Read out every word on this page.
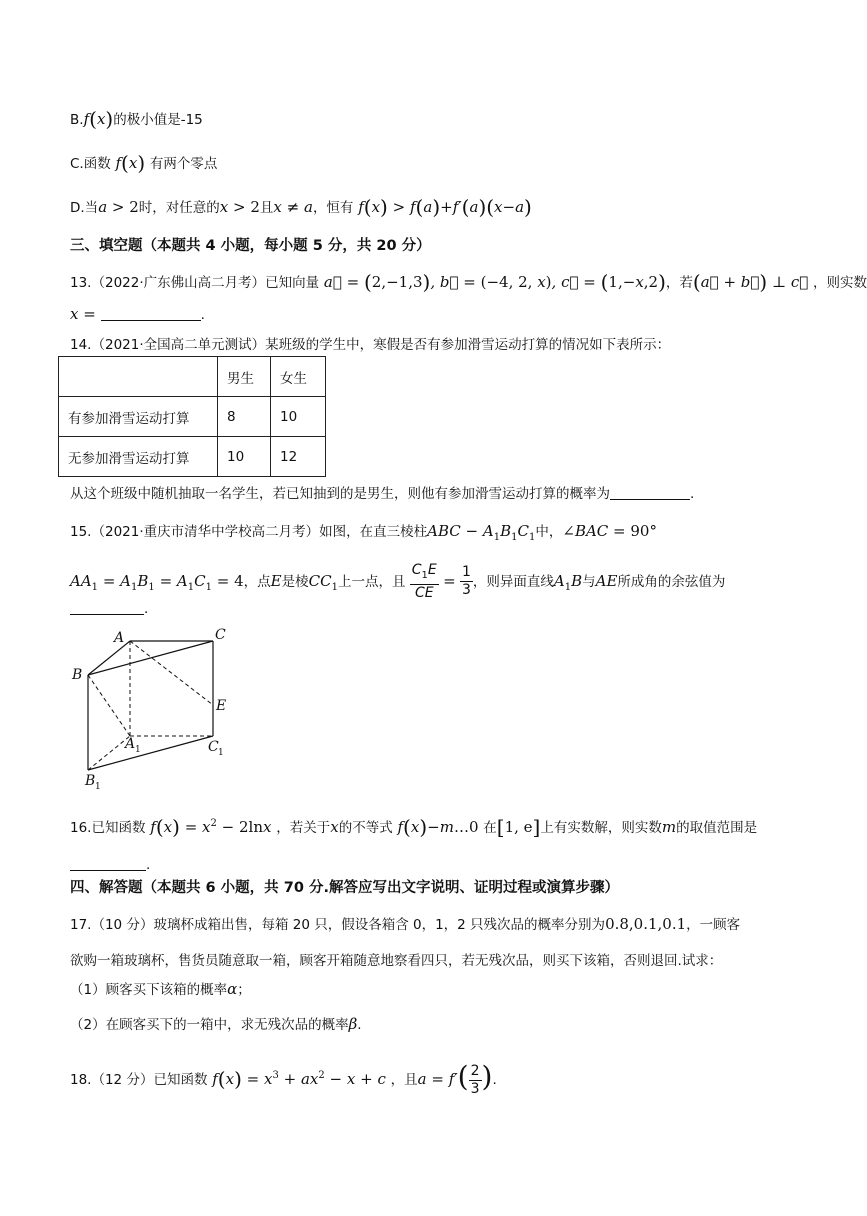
B.f(x)的极小值是-15
C.函数 f(x) 有两个零点
D.当a > 2时，对任意的x > 2且x ≠ a，恒有 f(x) > f(a)+f′(a)(x−a)
三、填空题（本题共 4 小题，每小题 5 分，共 20 分）
13.（2022·广东佛山高二月考）已知向量 a⃗ = (2,−1,3), b⃗ = (−4, 2, x), c⃗ = (1,−x,2)，若(a⃗ + b⃗) ⊥ c⃗ ，则实数
x =	.
14.（2021·全国高二单元测试）某班级的学生中，寒假是否有参加滑雪运动打算的情况如下表所示：
	男生	女生
有参加滑雪运动打算	8	10
无参加滑雪运动打算	10	12
从这个班级中随机抽取一名学生，若已知抽到的是男生，则他有参加滑雪运动打算的概率为	.
15.（2021·重庆市清华中学校高二月考）如图，在直三棱柱ABC − $A_1B_1C_1$中，∠BAC = 90°
$AA_1 = A_1B_1 = A_1C_1 = 4$，点E是棱$CC_1$上一点，且 $\frac{C_1E}{CE} = \frac{1}{3}$ ，则异面直线$A_1B$与AE所成角的余弦值为
.
A	C
B
E
A 1	C 1
B 1
16.已知函数 $f(x) = x^2 - 2\ln x$ ，若关于x的不等式 f(x)−m…0 在[1, e]上有实数解，则实数m的取值范围是
.
四、解答题（本题共 6 小题，共 70 分.解答应写出文字说明、证明过程或演算步骤）
17.（10 分）玻璃杯成箱出售，每箱 20 只，假设各箱含 0，1，2 只残次品的概率分别为0.8,0.1,0.1，一顾客
欲购一箱玻璃杯，售货员随意取一箱，顾客开箱随意地察看四只，若无残次品，则买下该箱，否则退回.试求：
（1）顾客买下该箱的概率α；
（2）在顾客买下的一箱中，求无残次品的概率β.
18.（12 分）已知函数 $f(x) = x^3 + ax^2 - x + c$ ，且$a = f'( \frac{2}{3}$ ).
